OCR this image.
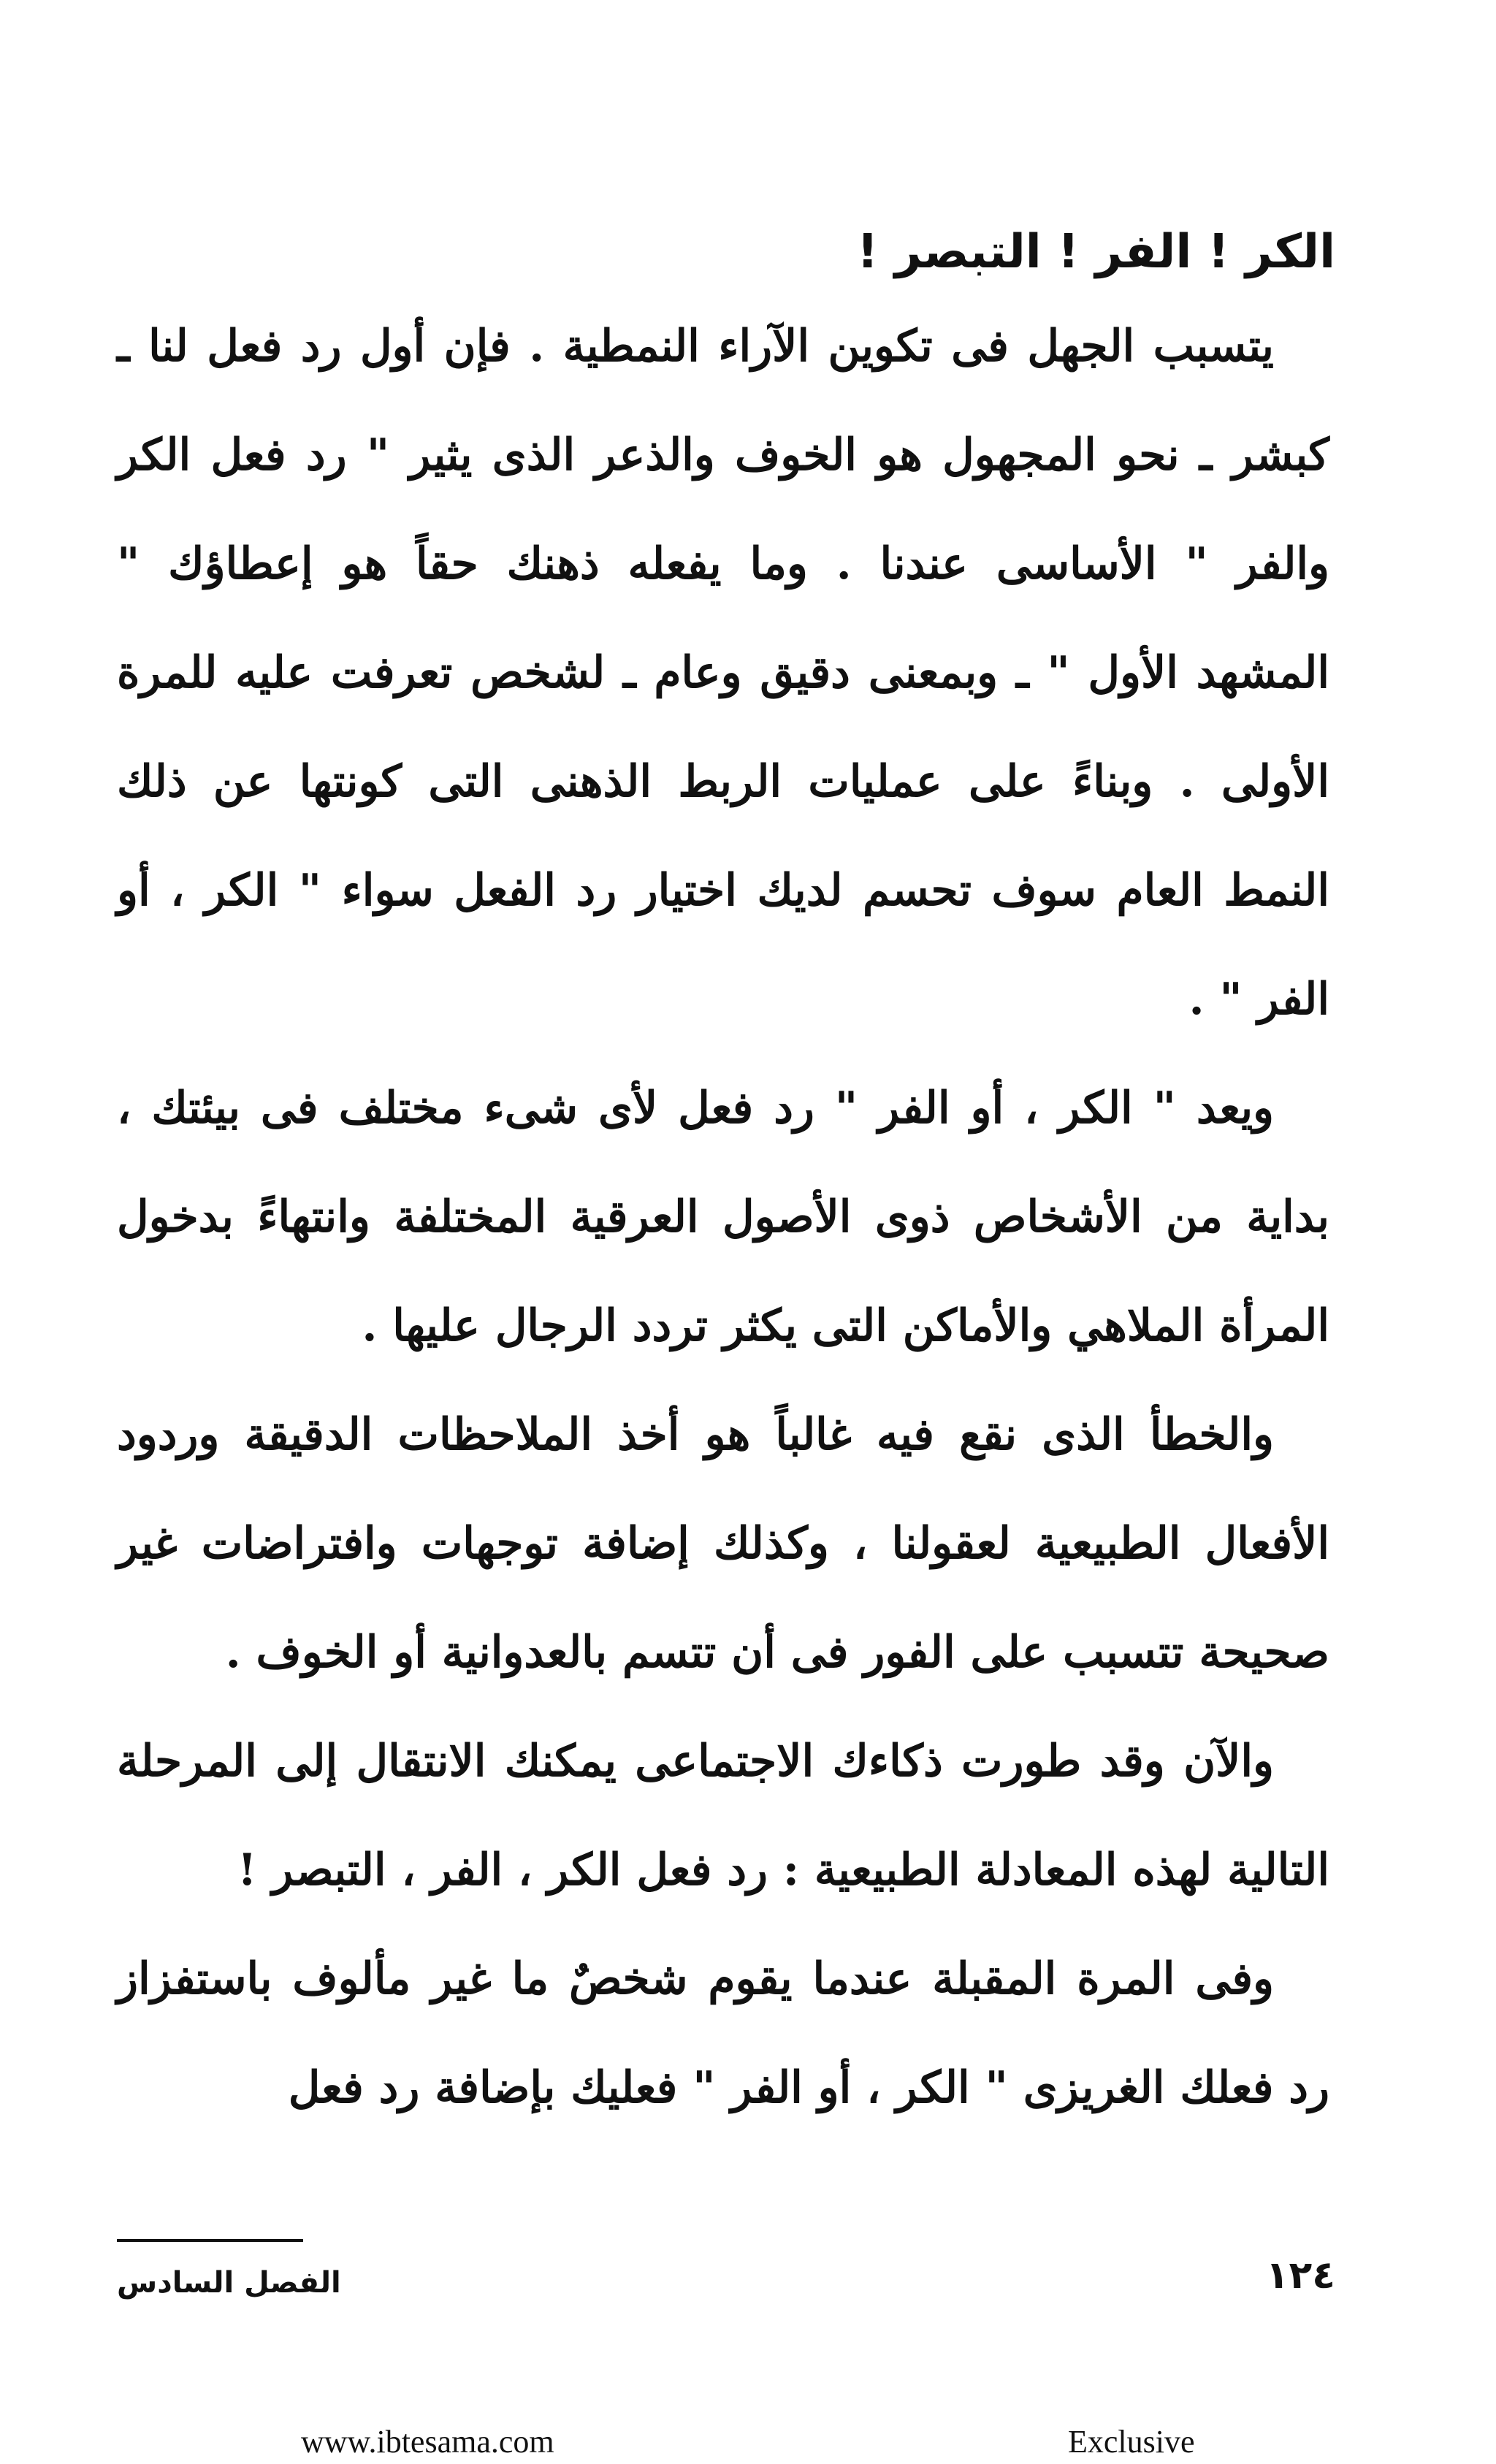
الكر ! الفر ! التبصر !

يتسبب الجهل فى تكوين الآراء النمطية . فإن أول رد فعل لنا ـ كبشر ـ نحو المجهول هو الخوف والذعر الذى يثير " رد فعل الكر والفر " الأساسى عندنا . وما يفعله ذهنك حقاً هو إعطاؤك " المشهد الأول " ـ وبمعنى دقيق وعام ـ لشخص تعرفت عليه للمرة الأولى . وبناءً على عمليات الربط الذهنى التى كونتها عن ذلك النمط العام سوف تحسم لديك اختيار رد الفعل سواء " الكر ، أو الفر " .

ويعد " الكر ، أو الفر " رد فعل لأى شىء مختلف فى بيئتك ، بداية من الأشخاص ذوى الأصول العرقية المختلفة وانتهاءً بدخول المرأة الملاهي والأماكن التى يكثر تردد الرجال عليها .

والخطأ الذى نقع فيه غالباً هو أخذ الملاحظات الدقيقة وردود الأفعال الطبيعية لعقولنا ، وكذلك إضافة توجهات وافتراضات غير صحيحة تتسبب على الفور فى أن تتسم بالعدوانية أو الخوف .

والآن وقد طورت ذكاءك الاجتماعى يمكنك الانتقال إلى المرحلة التالية لهذه المعادلة الطبيعية : رد فعل الكر ، الفر ، التبصر !

وفى المرة المقبلة عندما يقوم شخصٌ ما غير مألوف باستفزاز رد فعلك الغريزى " الكر ، أو الفر " فعليك بإضافة رد فعل

الفصل السادس	١٢٤
www.ibtesama.com	Exclusive
